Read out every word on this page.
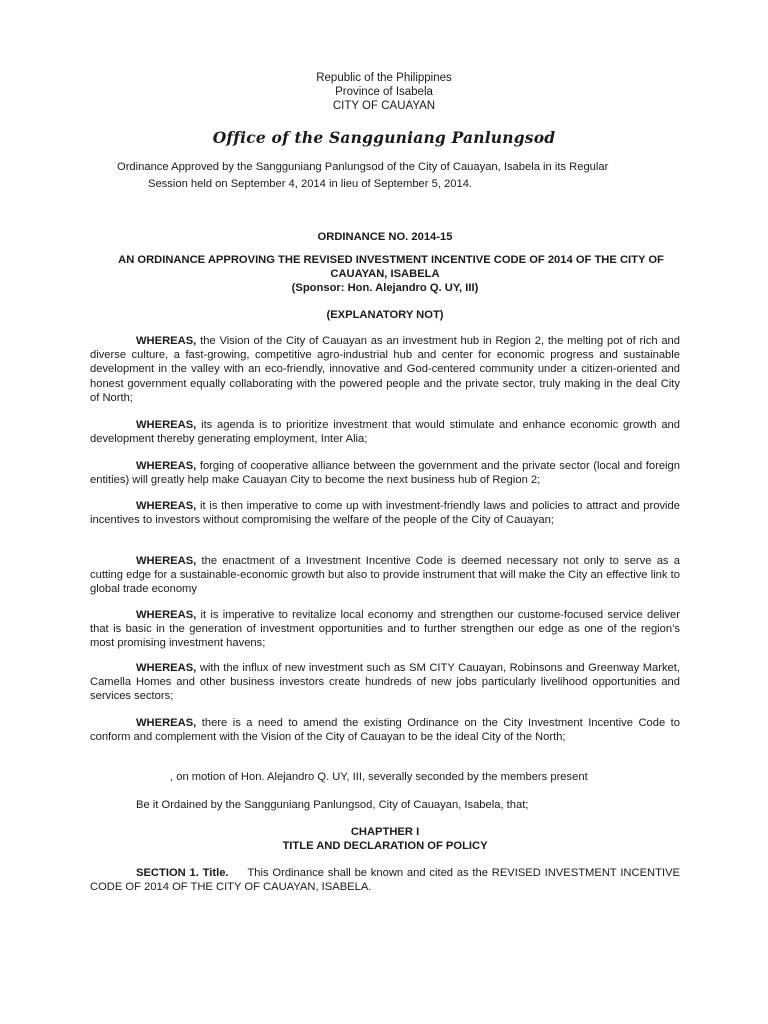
Republic of the Philippines
Province of Isabela
CITY OF CAUAYAN
Office of the Sangguniang Panlungsod
Ordinance Approved by the Sangguniang Panlungsod of the City of Cauayan, Isabela in its Regular
Session held on September 4, 2014 in lieu of September 5, 2014.
ORDINANCE NO. 2014-15
AN ORDINANCE APPROVING THE REVISED INVESTMENT INCENTIVE CODE OF 2014 OF THE CITY OF
CAUAYAN, ISABELA
(Sponsor: Hon. Alejandro Q. UY, III)
(EXPLANATORY NOT)
WHEREAS, the Vision of the City of Cauayan as an investment hub in Region 2, the melting pot of rich and diverse culture, a fast-growing, competitive agro-industrial hub and center for economic progress and sustainable development in the valley with an eco-friendly, innovative and God-centered community under a citizen-oriented and honest government equally collaborating with the powered people and the private sector, truly making in the deal City of North;
WHEREAS, its agenda is to prioritize investment that would stimulate and enhance economic growth and development thereby generating employment, Inter Alia;
WHEREAS, forging of cooperative alliance between the government and the private sector (local and foreign entities) will greatly help make Cauayan City to become the next business hub of Region 2;
WHEREAS, it is then imperative to come up with investment-friendly laws and policies to attract and provide incentives to investors without compromising the welfare of the people of the City of Cauayan;
WHEREAS, the enactment of a Investment Incentive Code is deemed necessary not only to serve as a cutting edge for a sustainable-economic growth but also to provide instrument that will make the City an effective link to global trade economy
WHEREAS, it is imperative to revitalize local economy and strengthen our custome-focused service deliver that is basic in the generation of investment opportunities and to further strengthen our edge as one of the region’s most promising investment havens;
WHEREAS, with the influx of new investment such as SM CITY Cauayan, Robinsons and Greenway Market, Camella Homes and other business investors create hundreds of new jobs particularly livelihood opportunities and services sectors;
WHEREAS, there is a need to amend the existing Ordinance on the City Investment Incentive Code to conform and complement with the Vision of the City of Cauayan to be the ideal City of the North;
, on motion of Hon. Alejandro Q. UY, III, severally seconded by the members present
Be it Ordained by the Sangguniang Panlungsod, City of Cauayan, Isabela, that;
CHAPTHER I
TITLE AND DECLARATION OF POLICY
SECTION 1. Title. This Ordinance shall be known and cited as the REVISED INVESTMENT INCENTIVE CODE OF 2014 OF THE CITY OF CAUAYAN, ISABELA.
